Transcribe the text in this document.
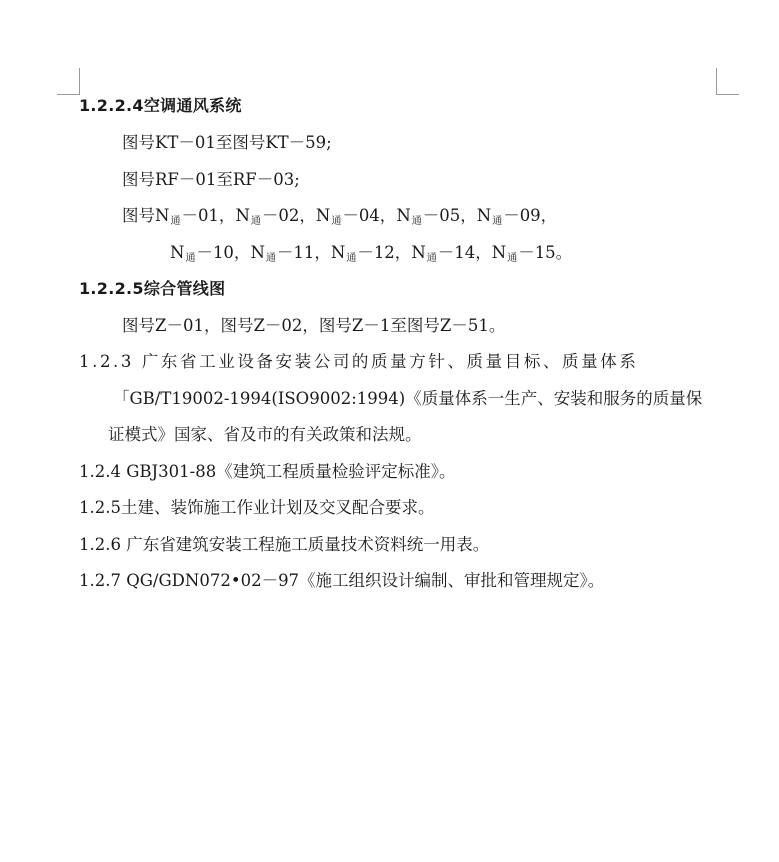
1.2.2.4空调通风系统
图号KT－01至图号KT－59;
图号RF－01至RF－03;
图号N通－01，N通－02，N通－04，N通－05，N通－09，
N通－10，N通－11，N通－12，N通－14，N通－15。
1.2.2.5综合管线图
图号Z－01，图号Z－02，图号Z－1至图号Z－51。
1.2.3 广东省工业设备安装公司的质量方针、质量目标、质量体系
「GB/T19002-1994(ISO9002:1994)《质量体系一生产、安装和服务的质量保
证模式》国家、省及市的有关政策和法规。
1.2.4 GBJ301-88《建筑工程质量检验评定标准》。
1.2.5土建、装饰施工作业计划及交叉配合要求。
1.2.6 广东省建筑安装工程施工质量技术资料统一用表。
1.2.7 QG/GDN072•02－97《施工组织设计编制、审批和管理规定》。
